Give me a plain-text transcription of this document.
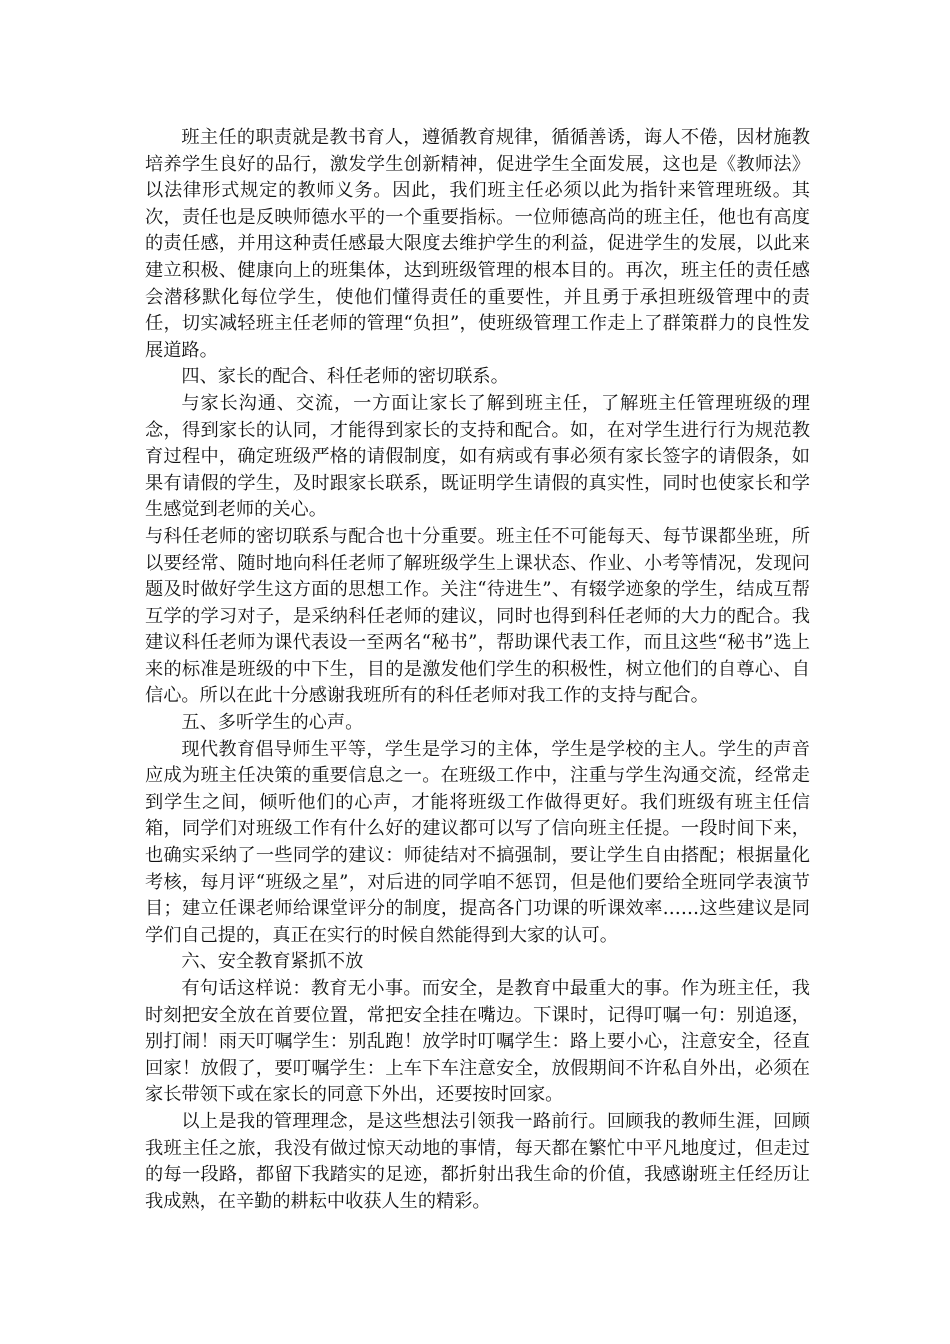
班主任的职责就是教书育人，遵循教育规律，循循善诱，诲人不倦，因材施教培养学生良好的品行，激发学生创新精神，促进学生全面发展，这也是《教师法》以法律形式规定的教师义务。因此，我们班主任必须以此为指针来管理班级。其次，责任也是反映师德水平的一个重要指标。一位师德高尚的班主任，他也有高度的责任感，并用这种责任感最大限度去维护学生的利益，促进学生的发展，以此来建立积极、健康向上的班集体，达到班级管理的根本目的。再次，班主任的责任感会潜移默化每位学生，使他们懂得责任的重要性，并且勇于承担班级管理中的责任，切实减轻班主任老师的管理“负担”，使班级管理工作走上了群策群力的良性发展道路。

四、家长的配合、科任老师的密切联系。

与家长沟通、交流，一方面让家长了解到班主任，了解班主任管理班级的理念，得到家长的认同，才能得到家长的支持和配合。如，在对学生进行行为规范教育过程中，确定班级严格的请假制度，如有病或有事必须有家长签字的请假条，如果有请假的学生，及时跟家长联系，既证明学生请假的真实性，同时也使家长和学生感觉到老师的关心。

与科任老师的密切联系与配合也十分重要。班主任不可能每天、每节课都坐班，所以要经常、随时地向科任老师了解班级学生上课状态、作业、小考等情况，发现问题及时做好学生这方面的思想工作。关注“待进生”、有辍学迹象的学生，结成互帮互学的学习对子，是采纳科任老师的建议，同时也得到科任老师的大力的配合。我建议科任老师为课代表设一至两名“秘书”，帮助课代表工作，而且这些“秘书”选上来的标准是班级的中下生，目的是激发他们学生的积极性，树立他们的自尊心、自信心。所以在此十分感谢我班所有的科任老师对我工作的支持与配合。

五、多听学生的心声。

现代教育倡导师生平等，学生是学习的主体，学生是学校的主人。学生的声音应成为班主任决策的重要信息之一。在班级工作中，注重与学生沟通交流，经常走到学生之间，倾听他们的心声，才能将班级工作做得更好。我们班级有班主任信箱，同学们对班级工作有什么好的建议都可以写了信向班主任提。一段时间下来，也确实采纳了一些同学的建议：师徒结对不搞强制，要让学生自由搭配；根据量化考核，每月评“班级之星”，对后进的同学咱不惩罚，但是他们要给全班同学表演节目；建立任课老师给课堂评分的制度，提高各门功课的听课效率……这些建议是同学们自己提的，真正在实行的时候自然能得到大家的认可。

六、安全教育紧抓不放

有句话这样说：教育无小事。而安全，是教育中最重大的事。作为班主任，我时刻把安全放在首要位置，常把安全挂在嘴边。下课时，记得叮嘱一句：别追逐，别打闹！雨天叮嘱学生：别乱跑！放学时叮嘱学生：路上要小心，注意安全，径直回家！放假了，要叮嘱学生：上车下车注意安全，放假期间不许私自外出，必须在家长带领下或在家长的同意下外出，还要按时回家。

以上是我的管理理念，是这些想法引领我一路前行。回顾我的教师生涯，回顾我班主任之旅，我没有做过惊天动地的事情，每天都在繁忙中平凡地度过，但走过的每一段路，都留下我踏实的足迹，都折射出我生命的价值，我感谢班主任经历让我成熟，在辛勤的耕耘中收获人生的精彩。
